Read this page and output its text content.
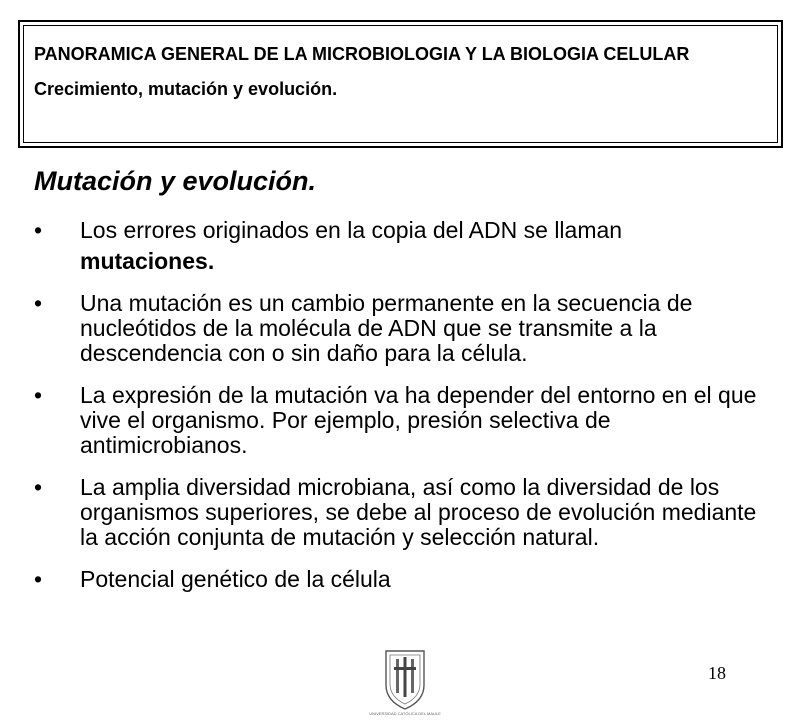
PANORAMICA GENERAL DE LA MICROBIOLOGIA Y LA BIOLOGIA CELULAR

Crecimiento, mutación y evolución.

Mutación y evolución.
• Los errores originados en la copia del ADN se llaman
mutaciones.
• Una mutación es un cambio permanente en la secuencia de nucleótidos de la molécula de ADN que se transmite a la descendencia con o sin daño para la célula.
• La expresión de la mutación va ha depender del entorno en el que vive el organismo. Por ejemplo, presión selectiva de antimicrobianos.
• La amplia diversidad microbiana, así como la diversidad de los organismos superiores, se debe al proceso de evolución mediante la acción conjunta de mutación y selección natural.
• Potencial genético de la célula
UNIVERSIDAD CATÓLICA DEL MAULE
18
